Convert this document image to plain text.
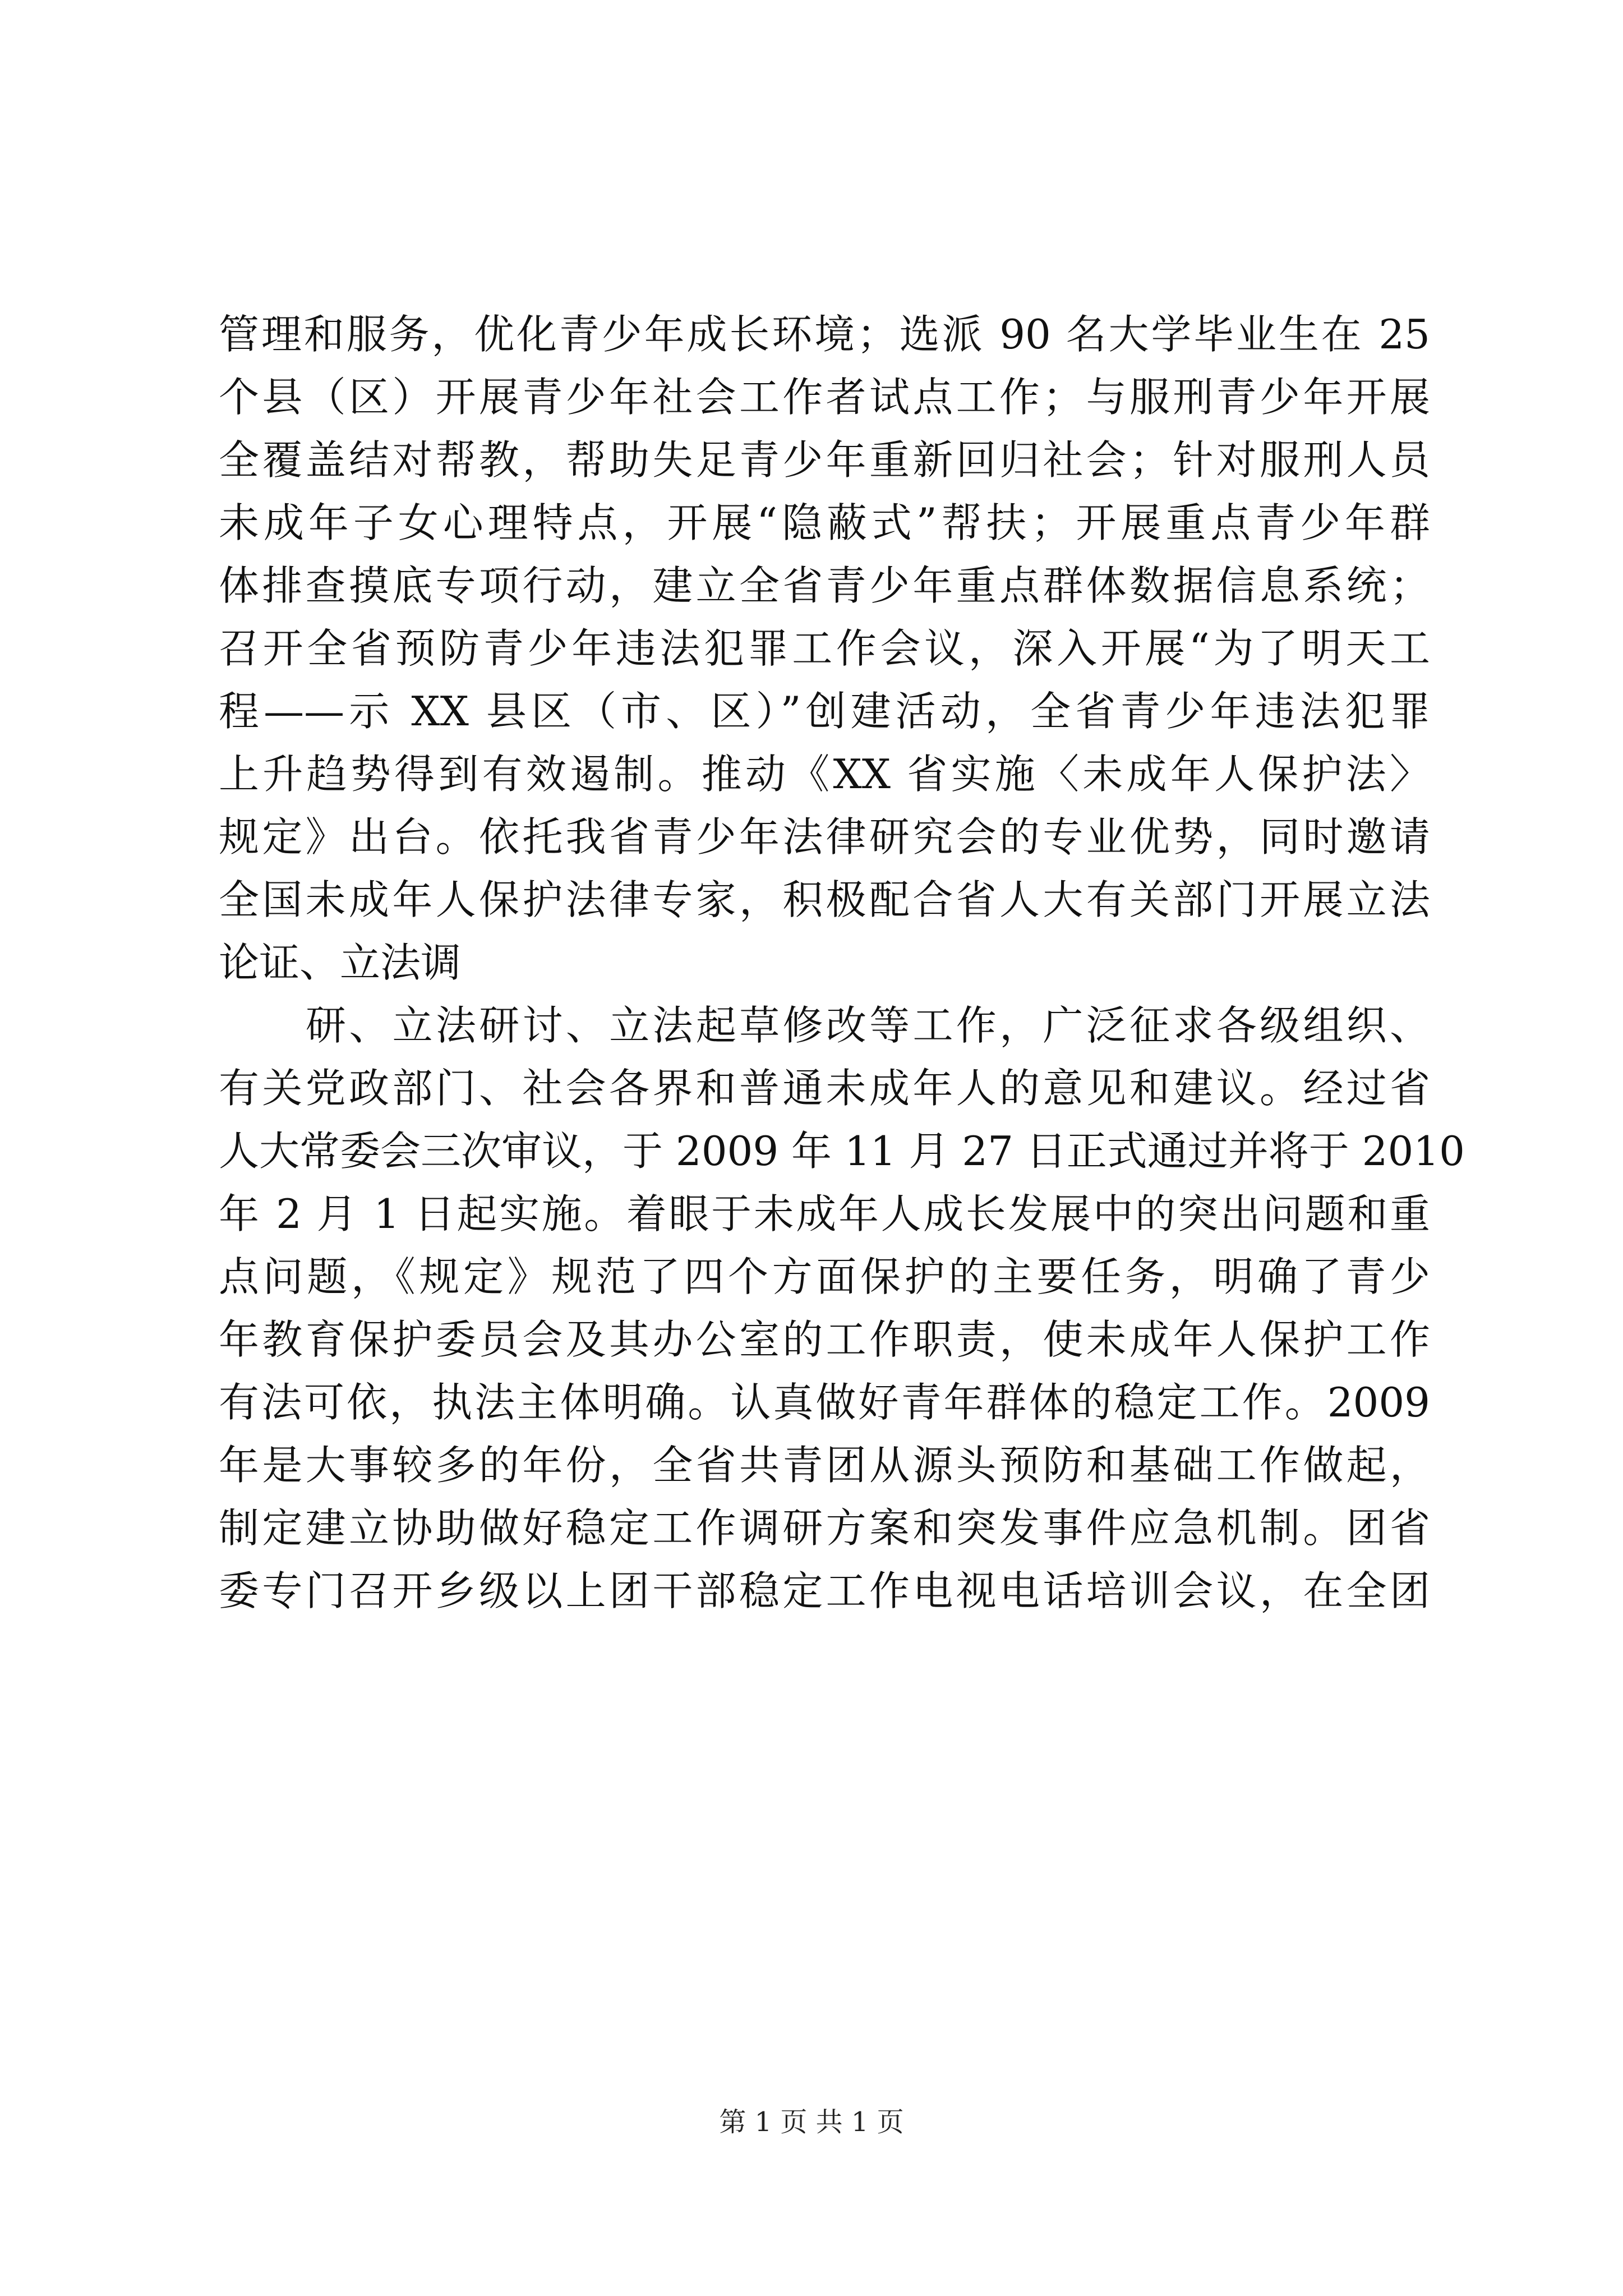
管理和服务，优化青少年成长环境；选派 90 名大学毕业生在 25
个县（区）开展青少年社会工作者试点工作；与服刑青少年开展
全覆盖结对帮教，帮助失足青少年重新回归社会；针对服刑人员
未成年子女心理特点，开展“隐蔽式”帮扶；开展重点青少年群
体排查摸底专项行动，建立全省青少年重点群体数据信息系统；
召开全省预防青少年违法犯罪工作会议，深入开展“为了明天工
程——示 XX 县区（市、区）”创建活动，全省青少年违法犯罪
上升趋势得到有效遏制。推动《XX 省实施〈未成年人保护法〉
规定》出台。依托我省青少年法律研究会的专业优势，同时邀请
全国未成年人保护法律专家，积极配合省人大有关部门开展立法
论证、立法调
研、立法研讨、立法起草修改等工作，广泛征求各级组织、
有关党政部门、社会各界和普通未成年人的意见和建议。经过省
人大常委会三次审议，于 2009 年 11 月 27 日正式通过并将于 2010
年 2 月 1 日起实施。着眼于未成年人成长发展中的突出问题和重
点问题，《规定》规范了四个方面保护的主要任务，明确了青少
年教育保护委员会及其办公室的工作职责，使未成年人保护工作
有法可依，执法主体明确。认真做好青年群体的稳定工作。2009
年是大事较多的年份，全省共青团从源头预防和基础工作做起，
制定建立协助做好稳定工作调研方案和突发事件应急机制。团省
委专门召开乡级以上团干部稳定工作电视电话培训会议，在全团
第 1 页 共 1 页
